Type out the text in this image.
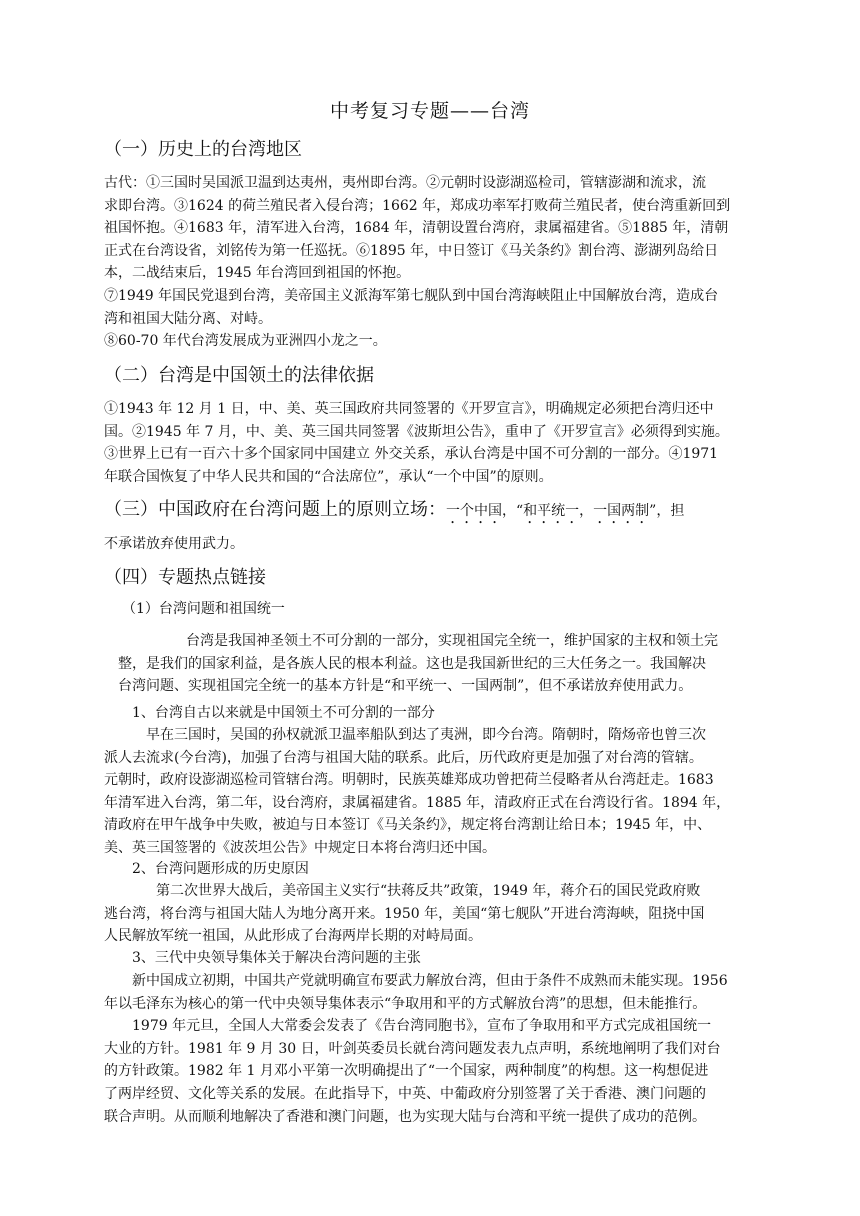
中考复习专题——台湾
（一）历史上的台湾地区
古代：①三国时吴国派卫温到达夷州，夷州即台湾。②元朝时设澎湖巡检司，管辖澎湖和流求，流
求即台湾。③1624 的荷兰殖民者入侵台湾；1662 年，郑成功率军打败荷兰殖民者，使台湾重新回到
祖国怀抱。④1683 年，清军进入台湾，1684 年，清朝设置台湾府，隶属福建省。⑤1885 年，清朝
正式在台湾设省，刘铭传为第一任巡抚。⑥1895 年，中日签订《马关条约》割台湾、澎湖列岛给日
本，二战结束后，1945 年台湾回到祖国的怀抱。
⑦1949 年国民党退到台湾，美帝国主义派海军第七舰队到中国台湾海峡阻止中国解放台湾，造成台
湾和祖国大陆分离、对峙。
⑧60-70 年代台湾发展成为亚洲四小龙之一。
（二）台湾是中国领土的法律依据
①1943 年 12 月 1 日，中、美、英三国政府共同签署的《开罗宣言》，明确规定必须把台湾归还中
国。②1945 年 7 月，中、美、英三国共同签署《波斯坦公告》，重申了《开罗宣言》必须得到实施。
③世界上已有一百六十多个国家同中国建立 外交关系，承认台湾是中国不可分割的一部分。④1971
年联合国恢复了中华人民共和国的“合法席位”，承认“一个中国”的原则。
（三）中国政府在台湾问题上的原则立场：一个中国，“和平统一，一国两制”，担
不承诺放弃使用武力。
（四）专题热点链接
（1）台湾问题和祖国统一
台湾是我国神圣领土不可分割的一部分，实现祖国完全统一，维护国家的主权和领土完
整，是我们的国家利益，是各族人民的根本利益。这也是我国新世纪的三大任务之一。我国解决
台湾问题、实现祖国完全统一的基本方针是“和平统一、一国两制”，但不承诺放弃使用武力。
1、台湾自古以来就是中国领土不可分割的一部分
早在三国时，吴国的孙权就派卫温率船队到达了夷洲，即今台湾。隋朝时，隋炀帝也曾三次
派人去流求(今台湾)，加强了台湾与祖国大陆的联系。此后，历代政府更是加强了对台湾的管辖。
元朝时，政府设澎湖巡检司管辖台湾。明朝时，民族英雄郑成功曾把荷兰侵略者从台湾赶走。1683
年清军进入台湾，第二年，设台湾府，隶属福建省。1885 年，清政府正式在台湾设行省。1894 年，
清政府在甲午战争中失败，被迫与日本签订《马关条约》，规定将台湾割让给日本；1945 年，中、
美、英三国签署的《波茨坦公告》中规定日本将台湾归还中国。
2、台湾问题形成的历史原因
第二次世界大战后，美帝国主义实行“扶蒋反共”政策，1949 年，蒋介石的国民党政府败
逃台湾，将台湾与祖国大陆人为地分离开来。1950 年，美国“第七舰队”开进台湾海峡，阻挠中国
人民解放军统一祖国，从此形成了台海两岸长期的对峙局面。
3、三代中央领导集体关于解决台湾问题的主张
新中国成立初期，中国共产党就明确宣布要武力解放台湾，但由于条件不成熟而未能实现。1956
年以毛泽东为核心的第一代中央领导集体表示“争取用和平的方式解放台湾”的思想，但未能推行。
1979 年元旦，全国人大常委会发表了《告台湾同胞书》，宣布了争取用和平方式完成祖国统一
大业的方针。1981 年 9 月 30 日，叶剑英委员长就台湾问题发表九点声明，系统地阐明了我们对台
的方针政策。1982 年 1 月邓小平第一次明确提出了“一个国家，两种制度”的构想。这一构想促进
了两岸经贸、文化等关系的发展。在此指导下，中英、中葡政府分别签署了关于香港、澳门问题的
联合声明。从而顺利地解决了香港和澳门问题，也为实现大陆与台湾和平统一提供了成功的范例。
